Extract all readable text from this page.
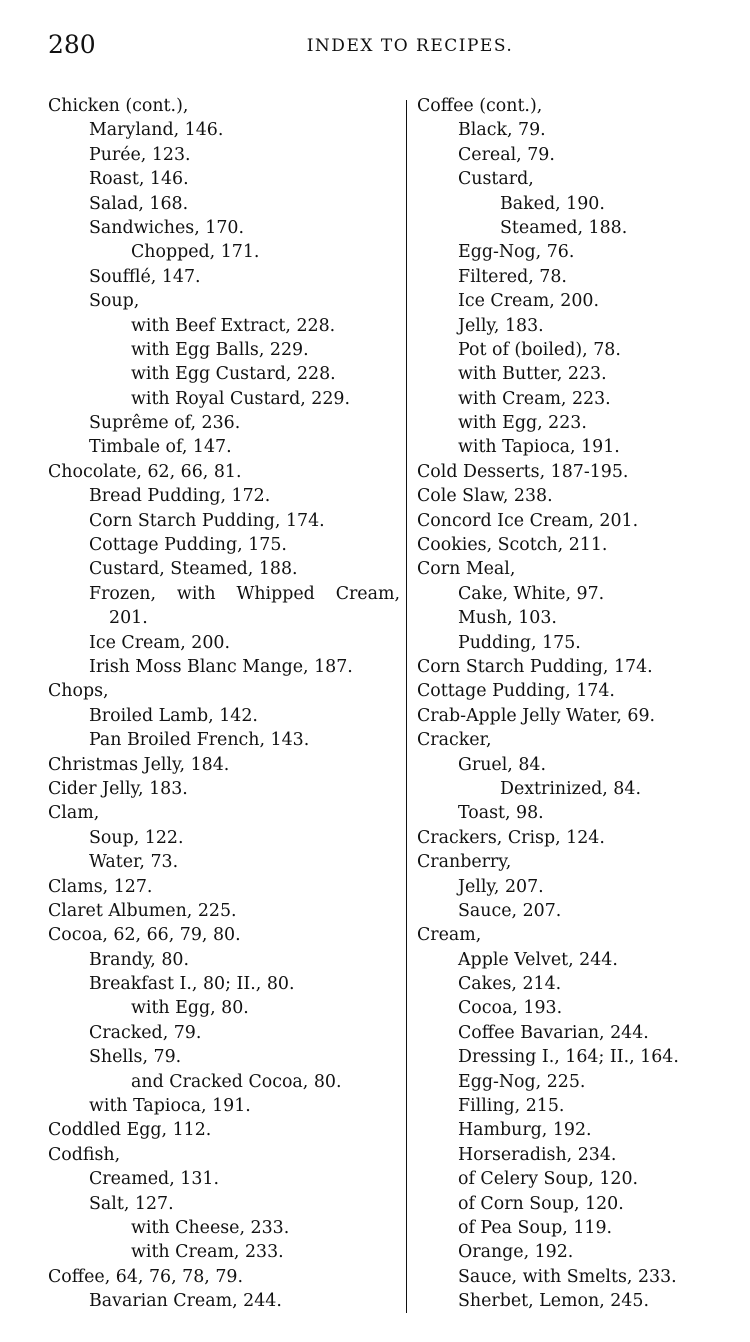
280	INDEX TO RECIPES.
Chicken (cont.),
Maryland, 146.
Purée, 123.
Roast, 146.
Salad, 168.
Sandwiches, 170.
Chopped, 171.
Soufflé, 147.
Soup,
with Beef Extract, 228.
with Egg Balls, 229.
with Egg Custard, 228.
with Royal Custard, 229.
Suprême of, 236.
Timbale of, 147.
Chocolate, 62, 66, 81.
Bread Pudding, 172.
Corn Starch Pudding, 174.
Cottage Pudding, 175.
Custard, Steamed, 188.
Frozen, with Whipped Cream,
201.
Ice Cream, 200.
Irish Moss Blanc Mange, 187.
Chops,
Broiled Lamb, 142.
Pan Broiled French, 143.
Christmas Jelly, 184.
Cider Jelly, 183.
Clam,
Soup, 122.
Water, 73.
Clams, 127.
Claret Albumen, 225.
Cocoa, 62, 66, 79, 80.
Brandy, 80.
Breakfast I., 80; II., 80.
with Egg, 80.
Cracked, 79.
Shells, 79.
and Cracked Cocoa, 80.
with Tapioca, 191.
Coddled Egg, 112.
Codfish,
Creamed, 131.
Salt, 127.
with Cheese, 233.
with Cream, 233.
Coffee, 64, 76, 78, 79.
Bavarian Cream, 244.
Coffee (cont.),
Black, 79.
Cereal, 79.
Custard,
Baked, 190.
Steamed, 188.
Egg-Nog, 76.
Filtered, 78.
Ice Cream, 200.
Jelly, 183.
Pot of (boiled), 78.
with Butter, 223.
with Cream, 223.
with Egg, 223.
with Tapioca, 191.
Cold Desserts, 187-195.
Cole Slaw, 238.
Concord Ice Cream, 201.
Cookies, Scotch, 211.
Corn Meal,
Cake, White, 97.
Mush, 103.
Pudding, 175.
Corn Starch Pudding, 174.
Cottage Pudding, 174.
Crab-Apple Jelly Water, 69.
Cracker,
Gruel, 84.
Dextrinized, 84.
Toast, 98.
Crackers, Crisp, 124.
Cranberry,
Jelly, 207.
Sauce, 207.
Cream,
Apple Velvet, 244.
Cakes, 214.
Cocoa, 193.
Coffee Bavarian, 244.
Dressing I., 164; II., 164.
Egg-Nog, 225.
Filling, 215.
Hamburg, 192.
Horseradish, 234.
of Celery Soup, 120.
of Corn Soup, 120.
of Pea Soup, 119.
Orange, 192.
Sauce, with Smelts, 233.
Sherbet, Lemon, 245.
